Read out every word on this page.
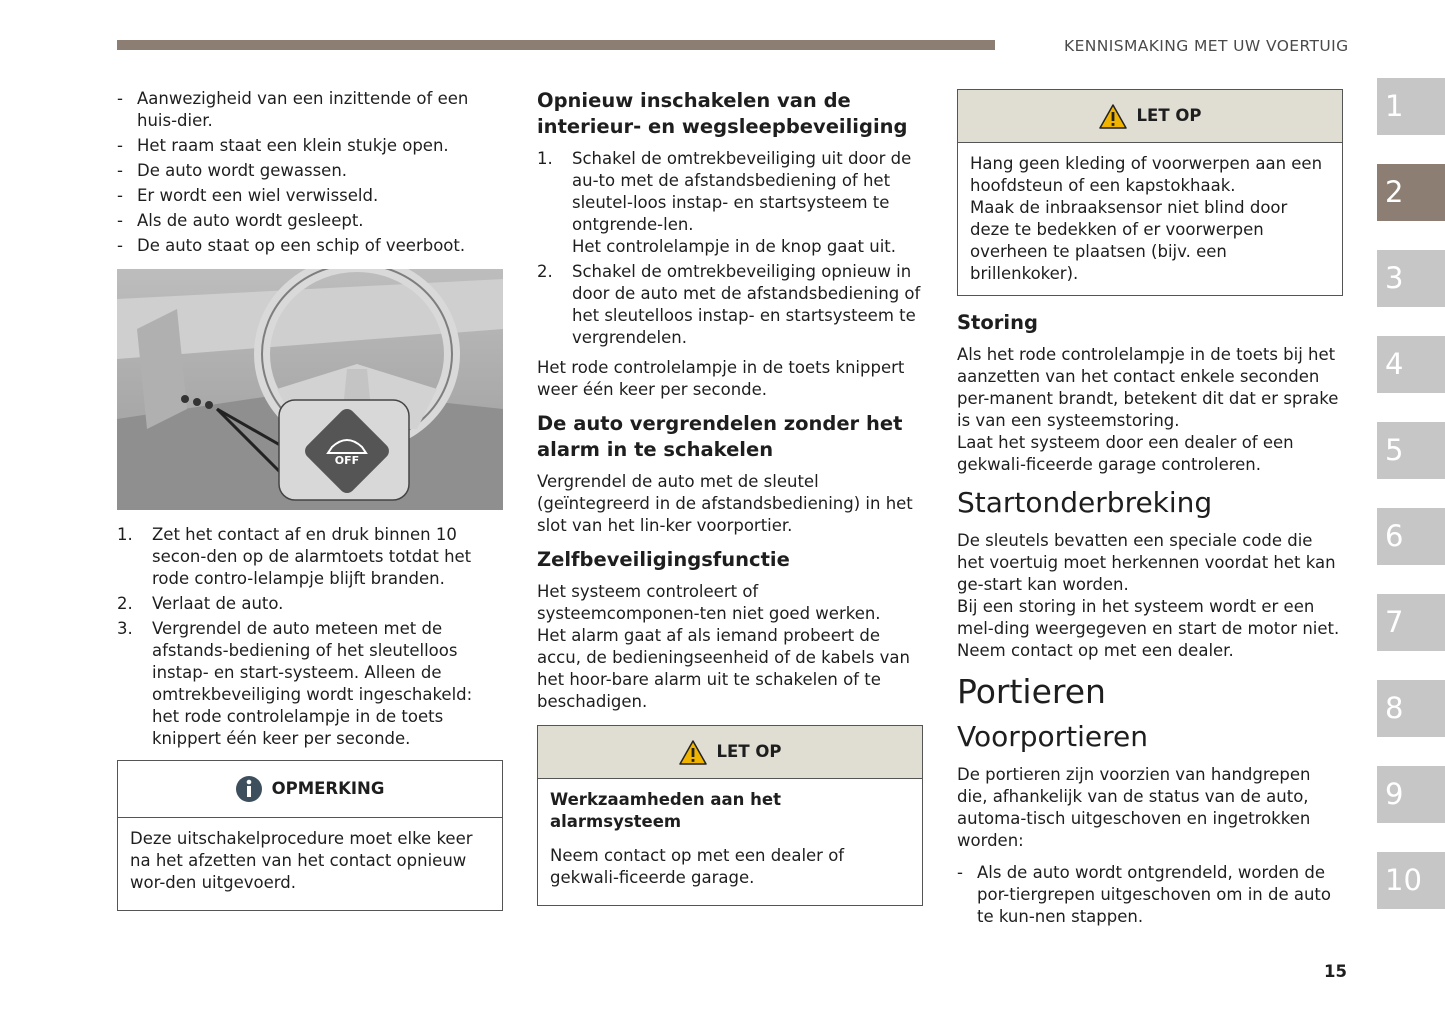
KENNISMAKING MET UW VOERTUIG
- Aanwezigheid van een inzittende of een huis-dier.
- Het raam staat een klein stukje open.
- De auto wordt gewassen.
- Er wordt een wiel verwisseld.
- Als de auto wordt gesleept.
- De auto staat op een schip of veerboot.
OFF
1.	Zet het contact af en druk binnen 10 secon-den op de alarmtoets totdat het rode contro-lelampje blijft branden.
2.	Verlaat de auto.
3.	Vergrendel de auto meteen met de afstands-bediening of het sleutelloos instap- en start-systeem. Alleen de omtrekbeveiliging wordt ingeschakeld: het rode controlelampje in de toets knippert één keer per seconde.
OPMERKING

Deze uitschakelprocedure moet elke keer na het afzetten van het contact opnieuw wor-den uitgevoerd.

Opnieuw inschakelen van de interieur- en wegsleepbeveiliging
1.	Schakel de omtrekbeveiliging uit door de au-to met de afstandsbediening of het sleutel-loos instap- en startsysteem te ontgrende-len.
Het controlelampje in de knop gaat uit.
2.	Schakel de omtrekbeveiliging opnieuw in door de auto met de afstandsbediening of het sleutelloos instap- en startsysteem te vergrendelen.

Het rode controlelampje in de toets knippert weer één keer per seconde.

De auto vergrendelen zonder het alarm in te schakelen

Vergrendel de auto met de sleutel (geïntegreerd in de afstandsbediening) in het slot van het lin-ker voorportier.

Zelfbeveiligingsfunctie

Het systeem controleert of systeemcomponen-ten niet goed werken.

Het alarm gaat af als iemand probeert de accu, de bedieningseenheid of de kabels van het hoor-bare alarm uit te schakelen of te beschadigen.

LET OP

Werkzaamheden aan het alarmsysteem

Neem contact op met een dealer of gekwali-ficeerde garage.

LET OP

Hang geen kleding of voorwerpen aan een hoofdsteun of een kapstokhaak.

Maak de inbraaksensor niet blind door deze te bedekken of er voorwerpen overheen te plaatsen (bijv. een brillenkoker).

Storing

Als het rode controlelampje in de toets bij het aanzetten van het contact enkele seconden per-manent brandt, betekent dit dat er sprake is van een systeemstoring.

Laat het systeem door een dealer of een gekwali-ficeerde garage controleren.

Startonderbreking

De sleutels bevatten een speciale code die het voertuig moet herkennen voordat het kan ge-start kan worden.

Bij een storing in het systeem wordt er een mel-ding weergegeven en start de motor niet. Neem contact op met een dealer.

Portieren
Voorportieren

De portieren zijn voorzien van handgrepen die, afhankelijk van de status van de auto, automa-tisch uitgeschoven en ingetrokken worden:

- Als de auto wordt ontgrendeld, worden de por-tiergrepen uitgeschoven om in de auto te kun-nen stappen.
1
2
3
4
5
6
7
8
9
10
15
